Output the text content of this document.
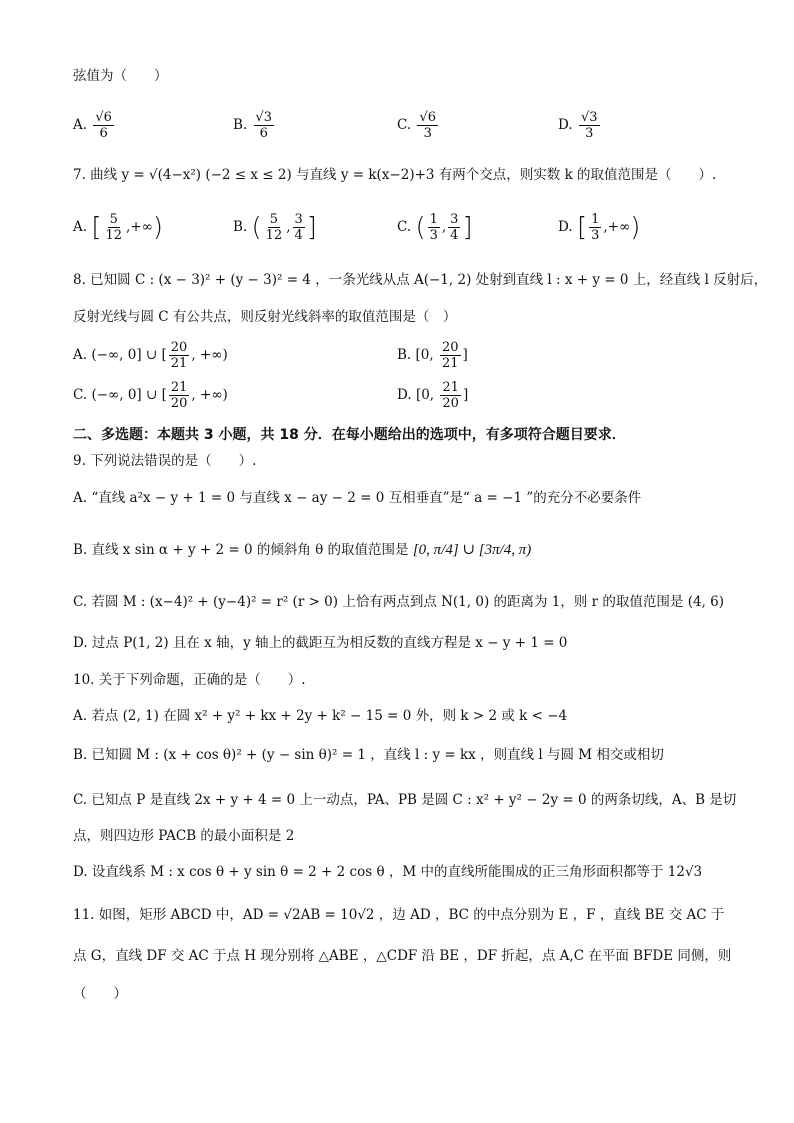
弦值为（　　）
A. $\frac{√6}{6}$	B. $\frac{√3}{6}$	C. $\frac{√6}{3}$	D. $\frac{√3}{3}$
7. 曲线 y = √(4−x²) (−2 ≤ x ≤ 2) 与直线 y = k(x−2)+3 有两个交点，则实数 k 的取值范围是（　　）.
A. [ $\frac{5}{12}$ ,+∞)	B. ( $\frac{5}{12}$ , $\frac{3}{4}$ ]	C. ( $\frac{1}{3}$ , $\frac{3}{4}$ ]	D. [ $\frac{1}{3}$ ,+∞)
8. 已知圆 C : (x − 3)² + (y − 3)² = 4 ，一条光线从点 A(−1, 2) 处射到直线 l : x + y = 0 上，经直线 l 反射后，
反射光线与圆 C 有公共点，则反射光线斜率的取值范围是（　）
A. (−∞, 0] ∪ [ $\frac{20}{21}$ , +∞)	B. [0, $\frac{20}{21}$ ]
C. (−∞, 0] ∪ [ $\frac{21}{20}$ , +∞)	D. [0, $\frac{21}{20}$ ]
二、多选题：本题共 3 小题，共 18 分．在每小题给出的选项中，有多项符合题目要求．
9. 下列说法错误的是（　　）.
A. “直线 a²x − y + 1 = 0 与直线 x − ay − 2 = 0 互相垂直”是“ a = −1 ”的充分不必要条件
B. 直线 x sin α + y + 2 = 0 的倾斜角 θ 的取值范围是 [0, π/4] ∪ [3π/4, π)
C. 若圆 M : (x−4)² + (y−4)² = r² (r > 0) 上恰有两点到点 N(1, 0) 的距离为 1，则 r 的取值范围是 (4, 6)
D. 过点 P(1, 2) 且在 x 轴，y 轴上的截距互为相反数的直线方程是 x − y + 1 = 0
10. 关于下列命题，正确的是（　　）.
A. 若点 (2, 1) 在圆 x² + y² + kx + 2y + k² − 15 = 0 外，则 k > 2 或 k < −4
B. 已知圆 M : (x + cos θ)² + (y − sin θ)² = 1 ，直线 l : y = kx ，则直线 l 与圆 M 相交或相切
C. 已知点 P 是直线 2x + y + 4 = 0 上一动点，PA、PB 是圆 C : x² + y² − 2y = 0 的两条切线，A、B 是切
点，则四边形 PACB 的最小面积是 2
D. 设直线系 M : x cos θ + y sin θ = 2 + 2 cos θ ，M 中的直线所能围成的正三角形面积都等于 12√3
11. 如图，矩形 ABCD 中，AD = √2AB = 10√2 ，边 AD ，BC 的中点分别为 E ，F ，直线 BE 交 AC 于
点 G，直线 DF 交 AC 于点 H 现分别将 △ABE ，△CDF 沿 BE ，DF 折起，点 A,C 在平面 BFDE 同侧，则
（　　）
